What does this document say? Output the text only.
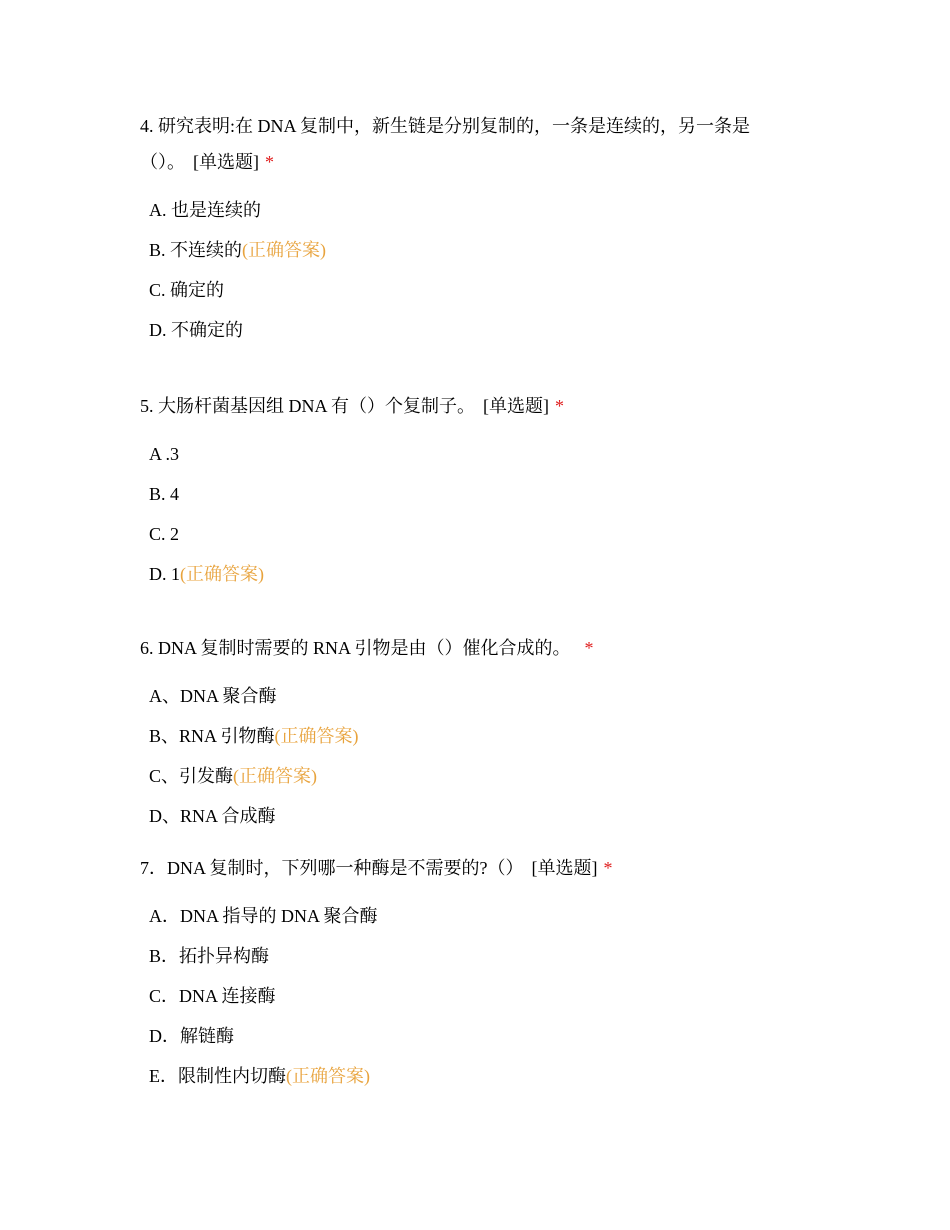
4. 研究表明:在 DNA 复制中，新生链是分别复制的，一条是连续的，另一条是
（）。 [单选题] *
A. 也是连续的
B. 不连续的(正确答案)
C. 确定的
D. 不确定的
5. 大肠杆菌基因组 DNA 有（）个复制子。 [单选题] *
A .3
B. 4
C. 2
D. 1(正确答案)
6. DNA 复制时需要的 RNA 引物是由（）催化合成的。 *
A、DNA 聚合酶
B、RNA 引物酶(正确答案)
C、引发酶(正确答案)
D、RNA 合成酶
7．DNA 复制时，下列哪一种酶是不需要的?（） [单选题] *
A．DNA 指导的 DNA 聚合酶
B．拓扑异构酶
C．DNA 连接酶
D．解链酶
E．限制性内切酶(正确答案)
